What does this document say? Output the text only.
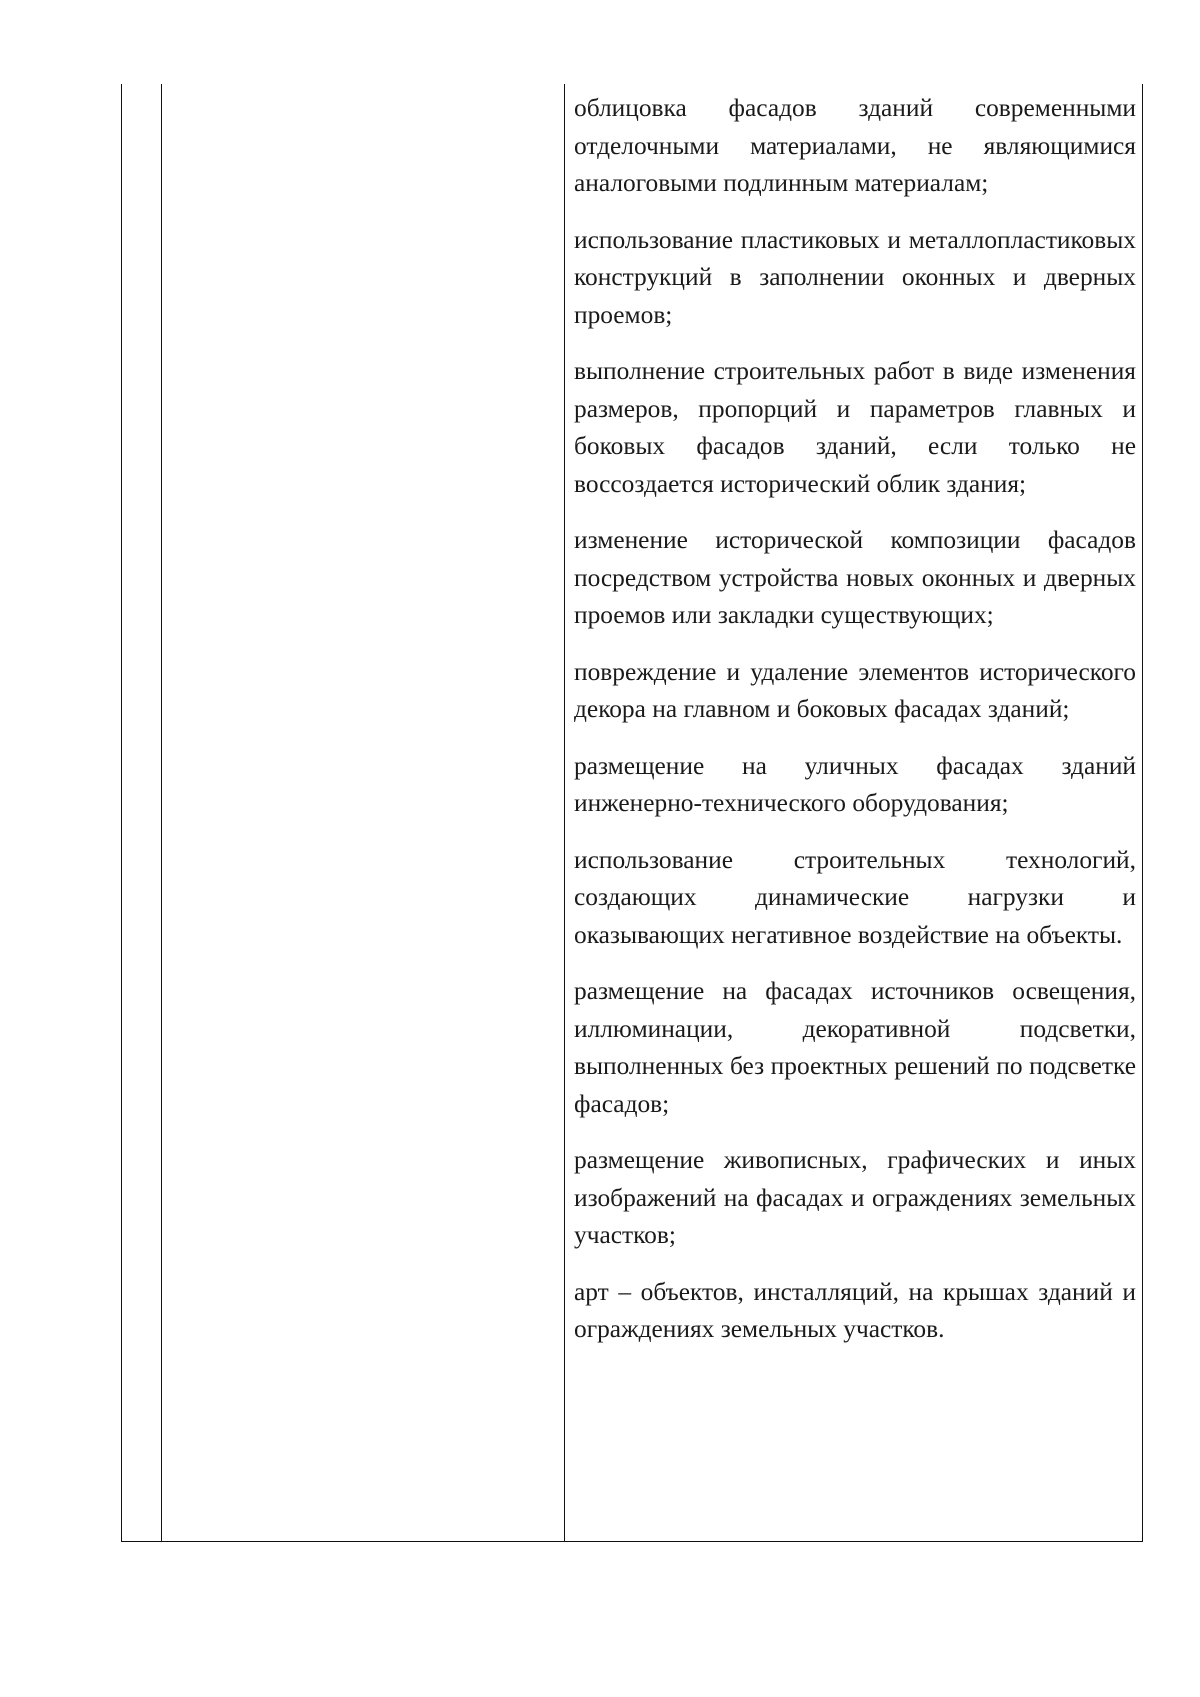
облицовка фасадов зданий современными отделочными материалами, не являющимися аналоговыми подлинным материалам;

использование пластиковых и металлопластиковых конструкций в заполнении оконных и дверных проемов;

выполнение строительных работ в виде изменения размеров, пропорций и параметров главных и боковых фасадов зданий, если только не воссоздается исторический облик здания;

изменение исторической композиции фасадов посредством устройства новых оконных и дверных проемов или закладки существующих;

повреждение и удаление элементов исторического декора на главном и боковых фасадах зданий;

размещение на уличных фасадах зданий инженерно-технического оборудования;

использование строительных технологий, создающих динамические нагрузки и оказывающих негативное воздействие на объекты.

размещение на фасадах источников освещения, иллюминации, декоративной подсветки, выполненных без проектных решений по подсветке фасадов;

размещение живописных, графических и иных изображений на фасадах и ограждениях земельных участков;

арт – объектов, инсталляций, на крышах зданий и ограждениях земельных участков.
